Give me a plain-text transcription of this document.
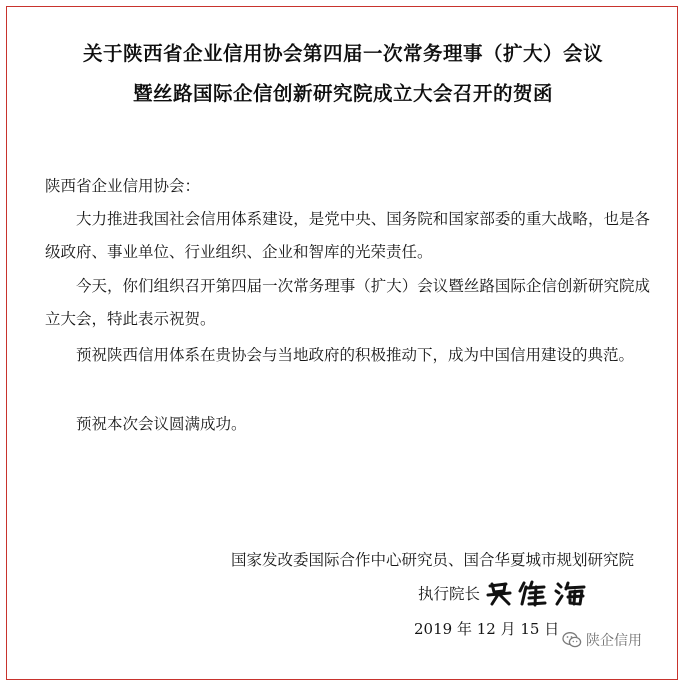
关于陕西省企业信用协会第四届一次常务理事（扩大）会议
暨丝路国际企信创新研究院成立大会召开的贺函
陕西省企业信用协会：
大力推进我国社会信用体系建设，是党中央、国务院和国家部委的重大战略，也是各级政府、事业单位、行业组织、企业和智库的光荣责任。
今天，你们组织召开第四届一次常务理事（扩大）会议暨丝路国际企信创新研究院成立大会，特此表示祝贺。
预祝陕西信用体系在贵协会与当地政府的积极推动下，成为中国信用建设的典范。
预祝本次会议圆满成功。
国家发改委国际合作中心研究员、国合华夏城市规划研究院
执行院长
2019 年 12 月 15 日
陕企信用
